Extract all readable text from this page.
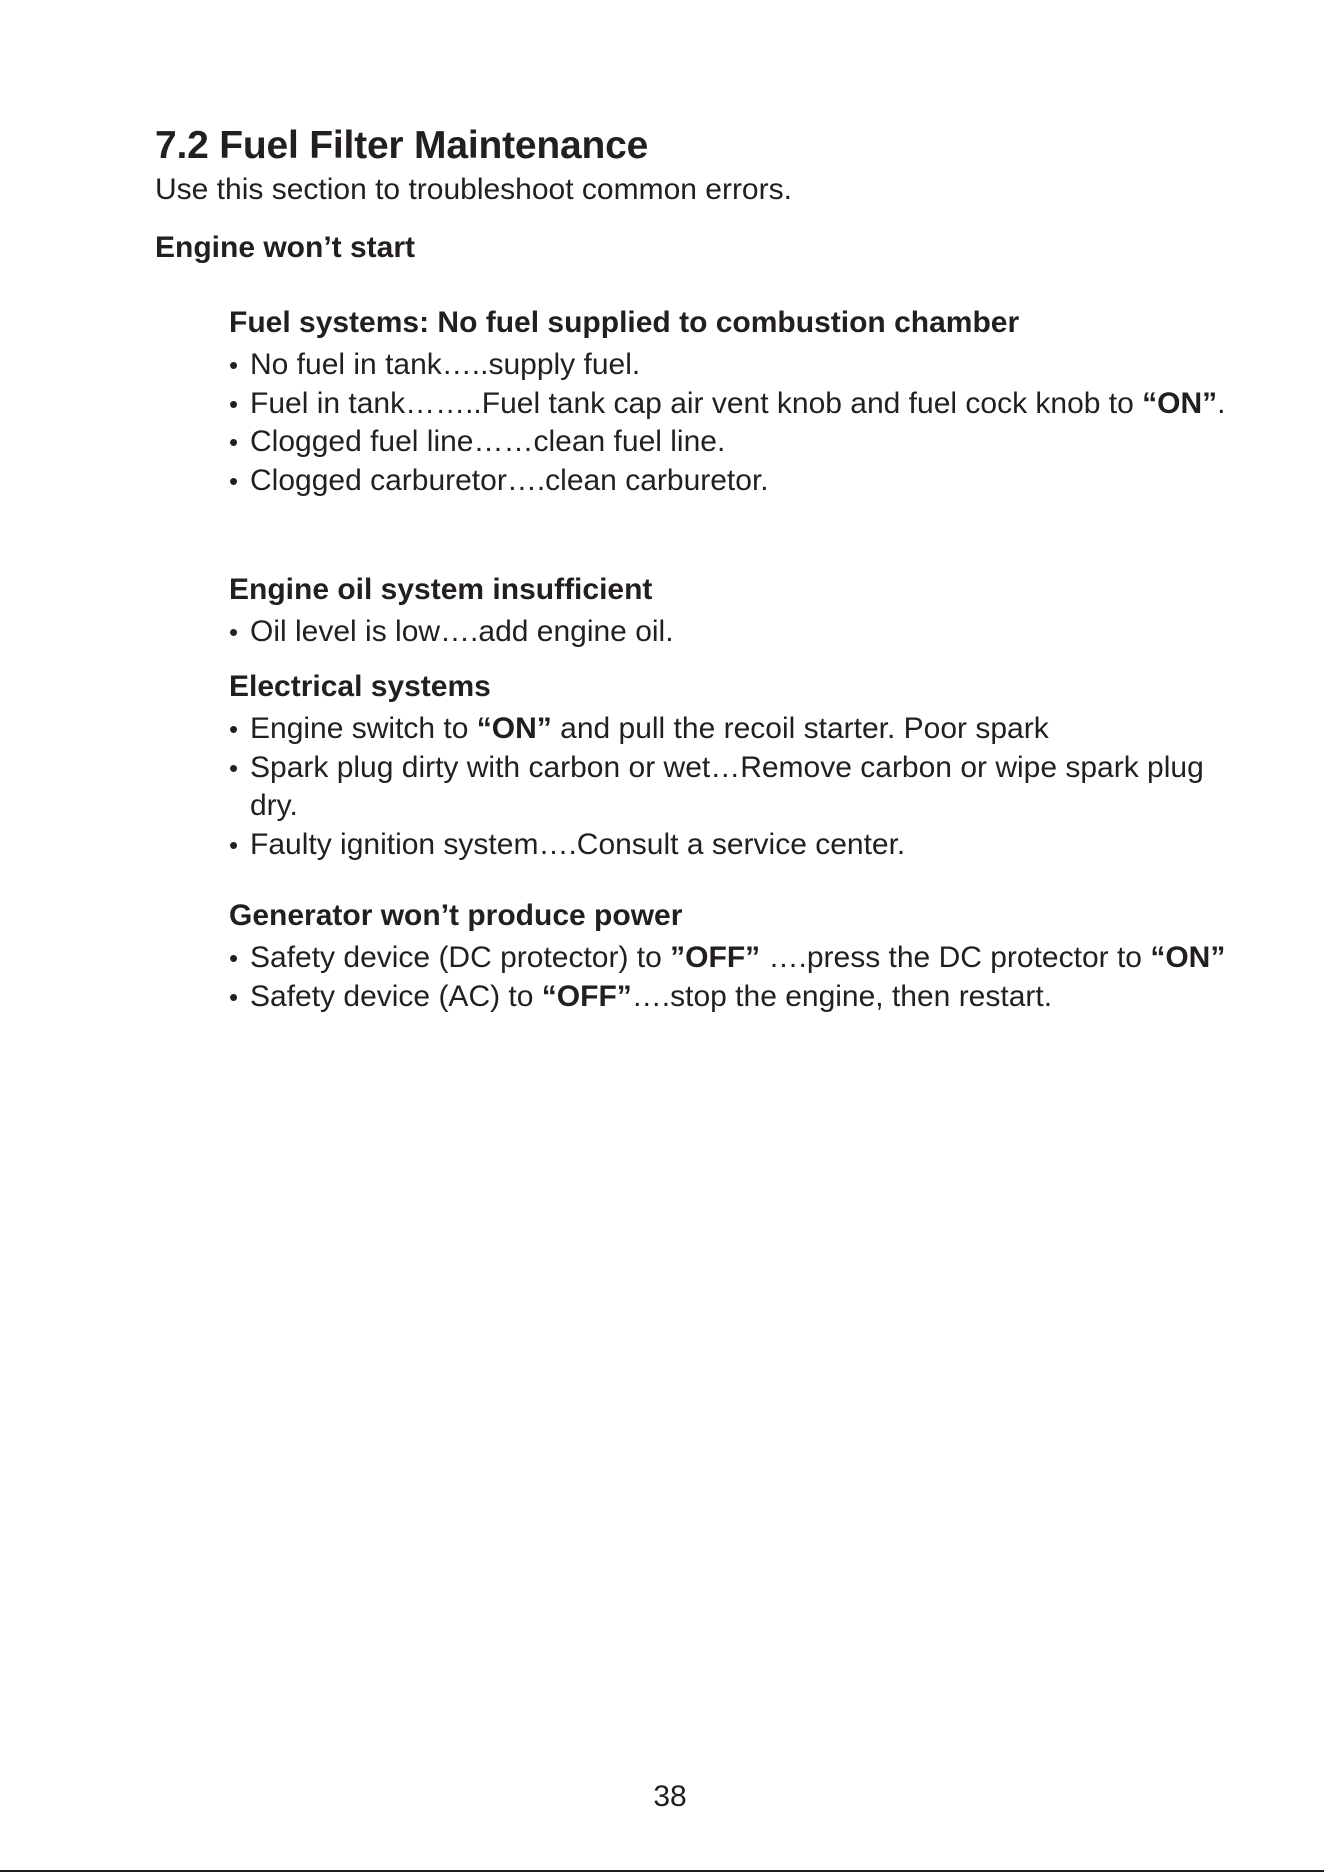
7.2 Fuel Filter Maintenance

Use this section to troubleshoot common errors.

Engine won’t start
Fuel systems: No fuel supplied to combustion chamber
• No fuel in tank…..supply fuel.
• Fuel in tank……..Fuel tank cap air vent knob and fuel cock knob to “ON”.
• Clogged fuel line……clean fuel line.
• Clogged carburetor….clean carburetor.
Engine oil system insufficient
• Oil level is low….add engine oil.
Electrical systems
• Engine switch to “ON” and pull the recoil starter. Poor spark
• Spark plug dirty with carbon or wet…Remove carbon or wipe spark plug dry.
• Faulty ignition system….Consult a service center.
Generator won’t produce power
• Safety device (DC protector) to ”OFF” ….press the DC protector to “ON”
• Safety device (AC) to “OFF”….stop the engine, then restart.
38
